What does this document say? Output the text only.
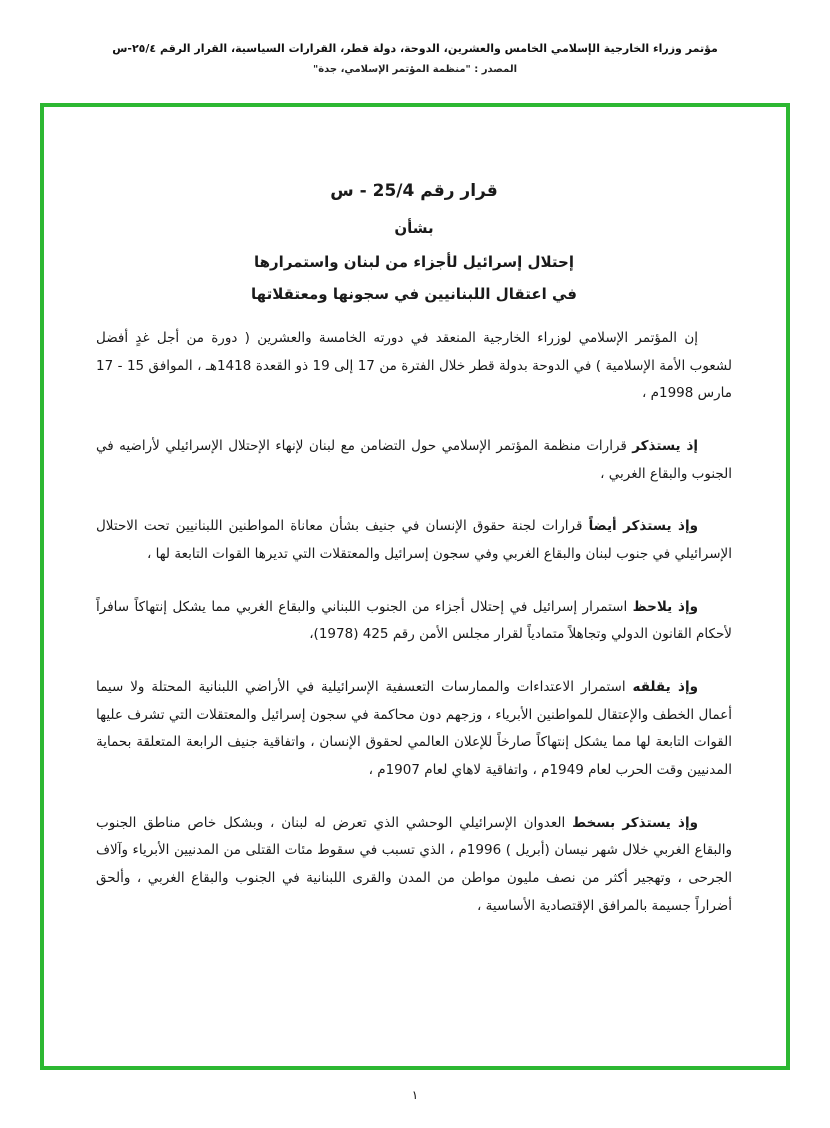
مؤتمر وزراء الخارجية الإسلامي الخامس والعشرين، الدوحة، دولة قطر، القرارات السياسية، القرار الرقم ٢٥/٤-س
المصدر : "منظمة المؤتمر الإسلامي، جدة"
قرار رقم 25/4 - س
بشأن
إحتلال إسرائيل لأجزاء من لبنان واستمرارها
في اعتقال اللبنانيين في سجونها ومعتقلاتها

إن المؤتمر الإسلامي لوزراء الخارجية المنعقد في دورته الخامسة والعشرين ( دورة من أجل غدٍ أفضل لشعوب الأمة الإسلامية ) في الدوحة بدولة قطر خلال الفترة من 17 إلى 19 ذو القعدة 1418هـ ، الموافق 15 - 17 مارس 1998م ،

إذ يستذكر قرارات منظمة المؤتمر الإسلامي حول التضامن مع لبنان لإنهاء الإحتلال الإسرائيلي لأراضيه في الجنوب والبقاع الغربي ،

وإذ يستذكر أيضاً قرارات لجنة حقوق الإنسان في جنيف بشأن معاناة المواطنين اللبنانيين تحت الاحتلال الإسرائيلي في جنوب لبنان والبقاع الغربي وفي سجون إسرائيل والمعتقلات التي تديرها القوات التابعة لها ،

وإذ يلاحظ استمرار إسرائيل في إحتلال أجزاء من الجنوب اللبناني والبقاع الغربي مما يشكل إنتهاكاً سافراً لأحكام القانون الدولي وتجاهلاً متمادياً لقرار مجلس الأمن رقم 425 (1978)،

وإذ يقلقه استمرار الاعتداءات والممارسات التعسفية الإسرائيلية في الأراضي اللبنانية المحتلة ولا سيما أعمال الخطف والإعتقال للمواطنين الأبرياء ، وزجهم دون محاكمة في سجون إسرائيل والمعتقلات التي تشرف عليها القوات التابعة لها مما يشكل إنتهاكاً صارخاً للإعلان العالمي لحقوق الإنسان ، واتفاقية جنيف الرابعة المتعلقة بحماية المدنيين وقت الحرب لعام 1949م ، واتفاقية لاهاي لعام 1907م ،

وإذ يستذكر بسخط العدوان الإسرائيلي الوحشي الذي تعرض له لبنان ، وبشكل خاص مناطق الجنوب والبقاع الغربي خلال شهر نيسان (أبريل ) 1996م ، الذي تسبب في سقوط مئات القتلى من المدنيين الأبرياء وآلاف الجرحى ، وتهجير أكثر من نصف مليون مواطن من المدن والقرى اللبنانية في الجنوب والبقاع الغربي ، وألحق أضراراً جسيمة بالمرافق الإقتصادية الأساسية ،

١
